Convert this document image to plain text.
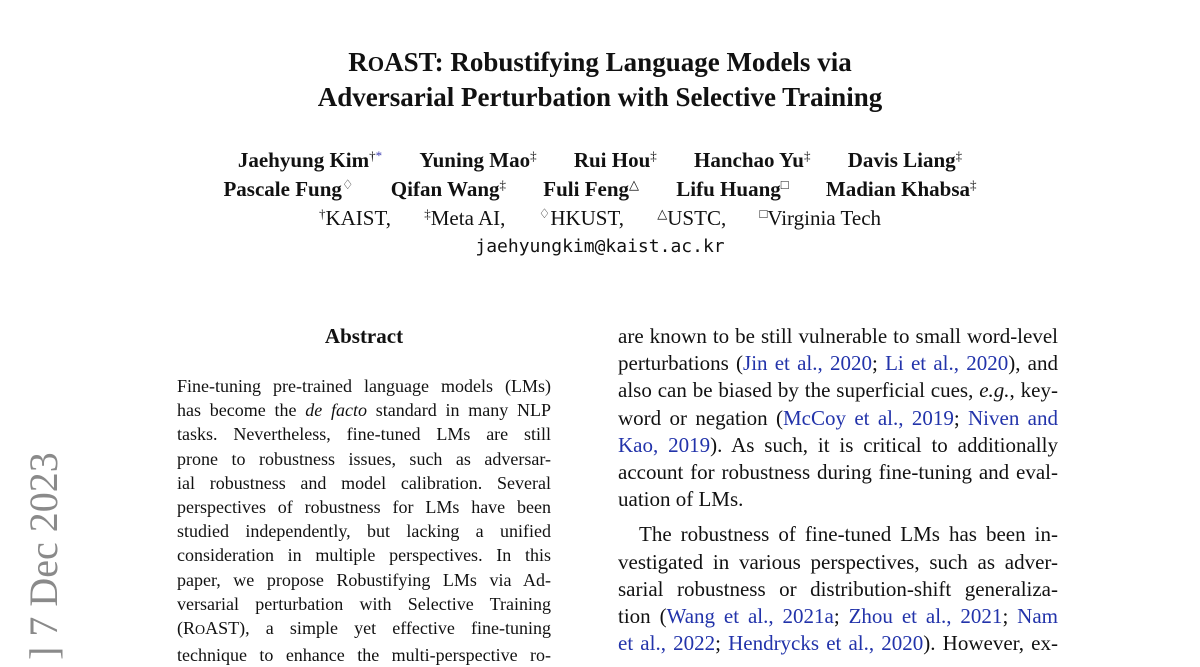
ROAST: Robustifying Language Models via
Adversarial Perturbation with Selective Training
Jaehyung Kim†* Yuning Mao‡ Rui Hou‡ Hanchao Yu‡ Davis Liang‡
Pascale Fung♢ Qifan Wang‡ Fuli Feng△ Lifu Huang□ Madian Khabsa‡
†KAIST,	‡Meta AI,	♢HKUST,	△USTC,	□Virginia Tech
jaehyungkim@kaist.ac.kr
Abstract
Fine-tuning pre-trained language models (LMs)
has become the de facto standard in many NLP
tasks. Nevertheless, fine-tuned LMs are still
prone to robustness issues, such as adversar-
ial robustness and model calibration. Several
perspectives of robustness for LMs have been
studied independently, but lacking a unified
consideration in multiple perspectives. In this
paper, we propose Robustifying LMs via Ad-
versarial perturbation with Selective Training
(ROAST), a simple yet effective fine-tuning
technique to enhance the multi-perspective ro-
are known to be still vulnerable to small word-level
perturbations (Jin et al., 2020; Li et al., 2020), and
also can be biased by the superficial cues, e.g., key-
word or negation (McCoy et al., 2019; Niven and
Kao, 2019). As such, it is critical to additionally
account for robustness during fine-tuning and eval-
uation of LMs.
The robustness of fine-tuned LMs has been in-
vestigated in various perspectives, such as adver-
sarial robustness or distribution-shift generaliza-
tion (Wang et al., 2021a; Zhou et al., 2021; Nam
et al., 2022; Hendrycks et al., 2020). However, ex-
] 7 Dec 2023
